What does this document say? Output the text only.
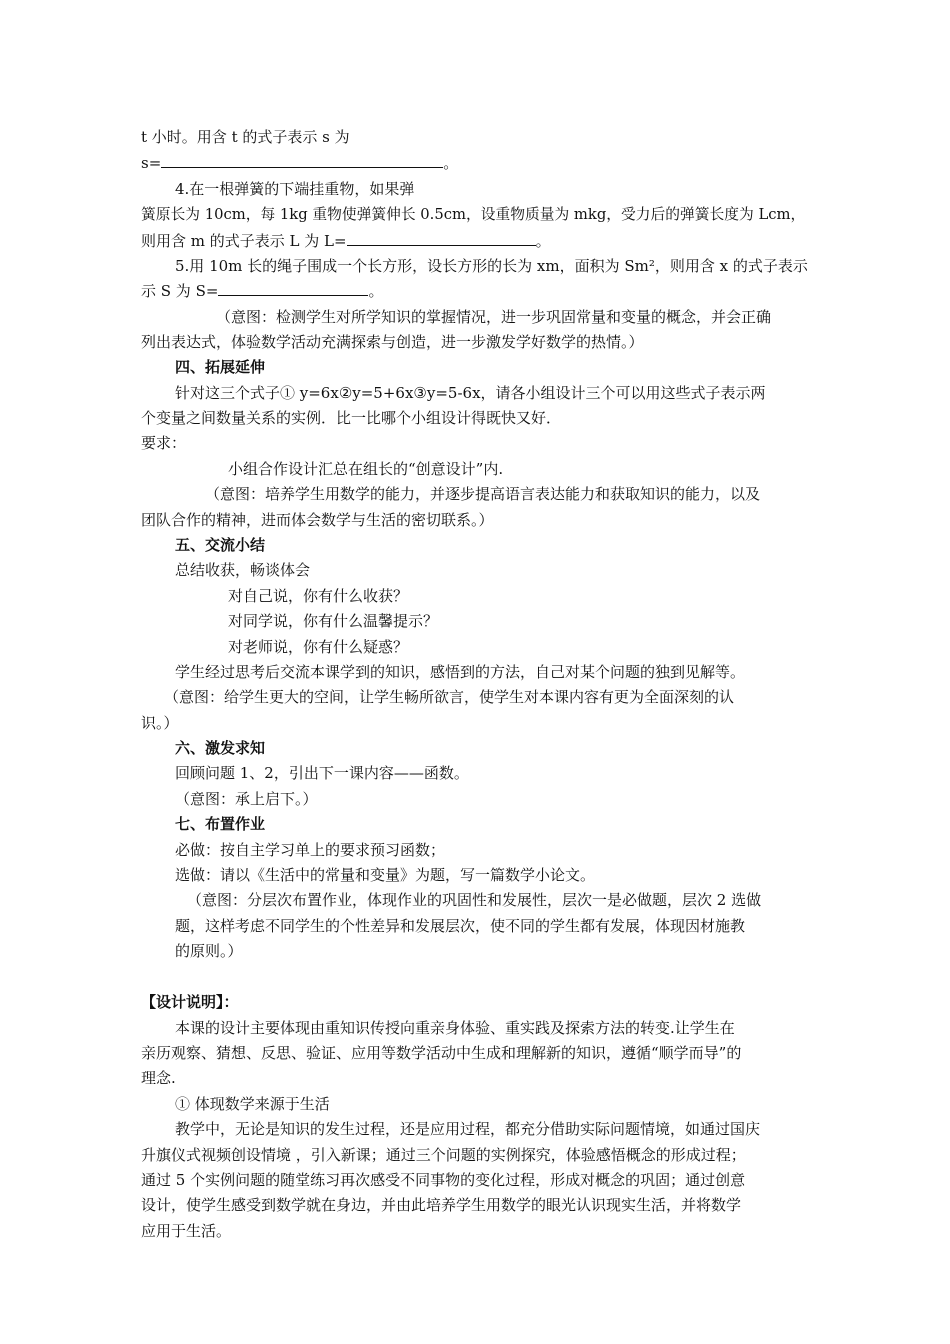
t 小时。用含 t 的式子表示 s 为
s=	。
4.在一根弹簧的下端挂重物，如果弹
簧原长为 10cm，每 1kg 重物使弹簧伸长 0.5cm，设重物质量为 mkg，受力后的弹簧长度为 Lcm，
则用含 m 的式子表示 L 为 L=	。
5.用 10m 长的绳子围成一个长方形，设长方形的长为 xm，面积为 Sm²，则用含 x 的式子表示
示 S 为 S=	。
（意图：检测学生对所学知识的掌握情况，进一步巩固常量和变量的概念，并会正确
列出表达式，体验数学活动充满探索与创造，进一步激发学好数学的热情。）
四、拓展延伸
针对这三个式子① y=6x②y=5+6x③y=5-6x，请各小组设计三个可以用这些式子表示两
个变量之间数量关系的实例．比一比哪个小组设计得既快又好．
要求：
小组合作设计汇总在组长的“创意设计”内.
（意图：培养学生用数学的能力，并逐步提高语言表达能力和获取知识的能力，以及
团队合作的精神，进而体会数学与生活的密切联系。）
五、交流小结
总结收获，畅谈体会
对自己说，你有什么收获？
对同学说，你有什么温馨提示？
对老师说，你有什么疑惑？
学生经过思考后交流本课学到的知识，感悟到的方法，自己对某个问题的独到见解等。
（意图：给学生更大的空间，让学生畅所欲言，使学生对本课内容有更为全面深刻的认
识。）
六、激发求知
回顾问题 1、2，引出下一课内容——函数。
（意图：承上启下。）
七、布置作业
必做：按自主学习单上的要求预习函数；
选做：请以《生活中的常量和变量》为题，写一篇数学小论文。
（意图：分层次布置作业，体现作业的巩固性和发展性，层次一是必做题，层次 2 选做
题，这样考虑不同学生的个性差异和发展层次，使不同的学生都有发展，体现因材施教
的原则。）
【设计说明】：
本课的设计主要体现由重知识传授向重亲身体验、重实践及探索方法的转变.让学生在
亲历观察、猜想、反思、验证、应用等数学活动中生成和理解新的知识，遵循“顺学而导”的
理念.
① 体现数学来源于生活
教学中，无论是知识的发生过程，还是应用过程，都充分借助实际问题情境，如通过国庆
升旗仪式视频创设情境 ，引入新课；通过三个问题的实例探究，体验感悟概念的形成过程；
通过 5 个实例问题的随堂练习再次感受不同事物的变化过程，形成对概念的巩固；通过创意
设计，使学生感受到数学就在身边，并由此培养学生用数学的眼光认识现实生活，并将数学
应用于生活。
